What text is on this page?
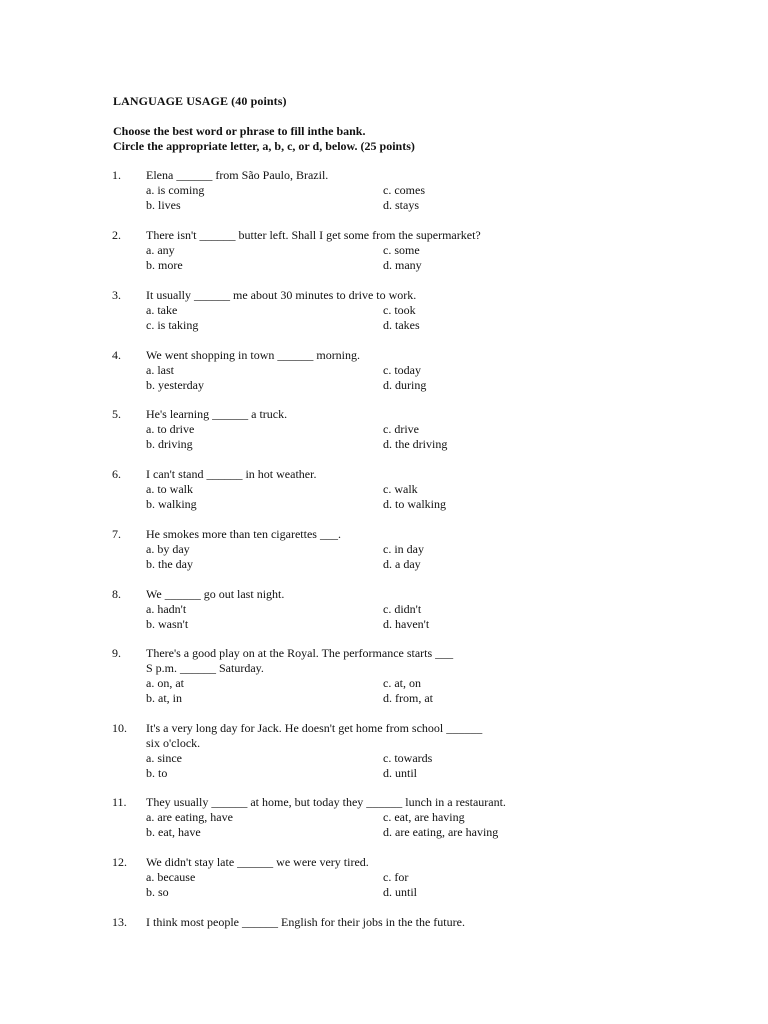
LANGUAGE USAGE (40 points)
Choose the best word or phrase to fill inthe bank.
Circle the appropriate letter, a, b, c, or d, below. (25 points)
1. Elena ______ from São Paulo, Brazil.
a. is coming	c. comes
b. lives	d. stays
2. There isn't ______ butter left. Shall I get some from the supermarket?
a. any	c. some
b. more	d. many
3. It usually ______ me about 30 minutes to drive to work.
a. take	c. took
c. is taking	d. takes
4. We went shopping in town ______ morning.
a. last	c. today
b. yesterday	d. during
5. He's learning ______ a truck.
a. to drive	c. drive
b. driving	d. the driving
6. I can't stand ______ in hot weather.
a. to walk	c. walk
b. walking	d. to walking
7. He smokes more than ten cigarettes ___.
a. by day	c. in day
b. the day	d. a day
8. We ______ go out last night.
a. hadn't	c. didn't
b. wasn't	d. haven't
9. There's a good play on at the Royal. The performance starts ___
S p.m. ______ Saturday.
a. on, at	c. at, on
b. at, in	d. from, at
10. It's a very long day for Jack. He doesn't get home from school ______
six o'clock.
a. since	c. towards
b. to	d. until
11. They usually ______ at home, but today they ______ lunch in a restaurant.
a. are eating, have	c. eat, are having
b. eat, have	d. are eating, are having
12. We didn't stay late ______ we were very tired.
a. because	c. for
b. so	d. until
13. I think most people ______ English for their jobs in the the future.
